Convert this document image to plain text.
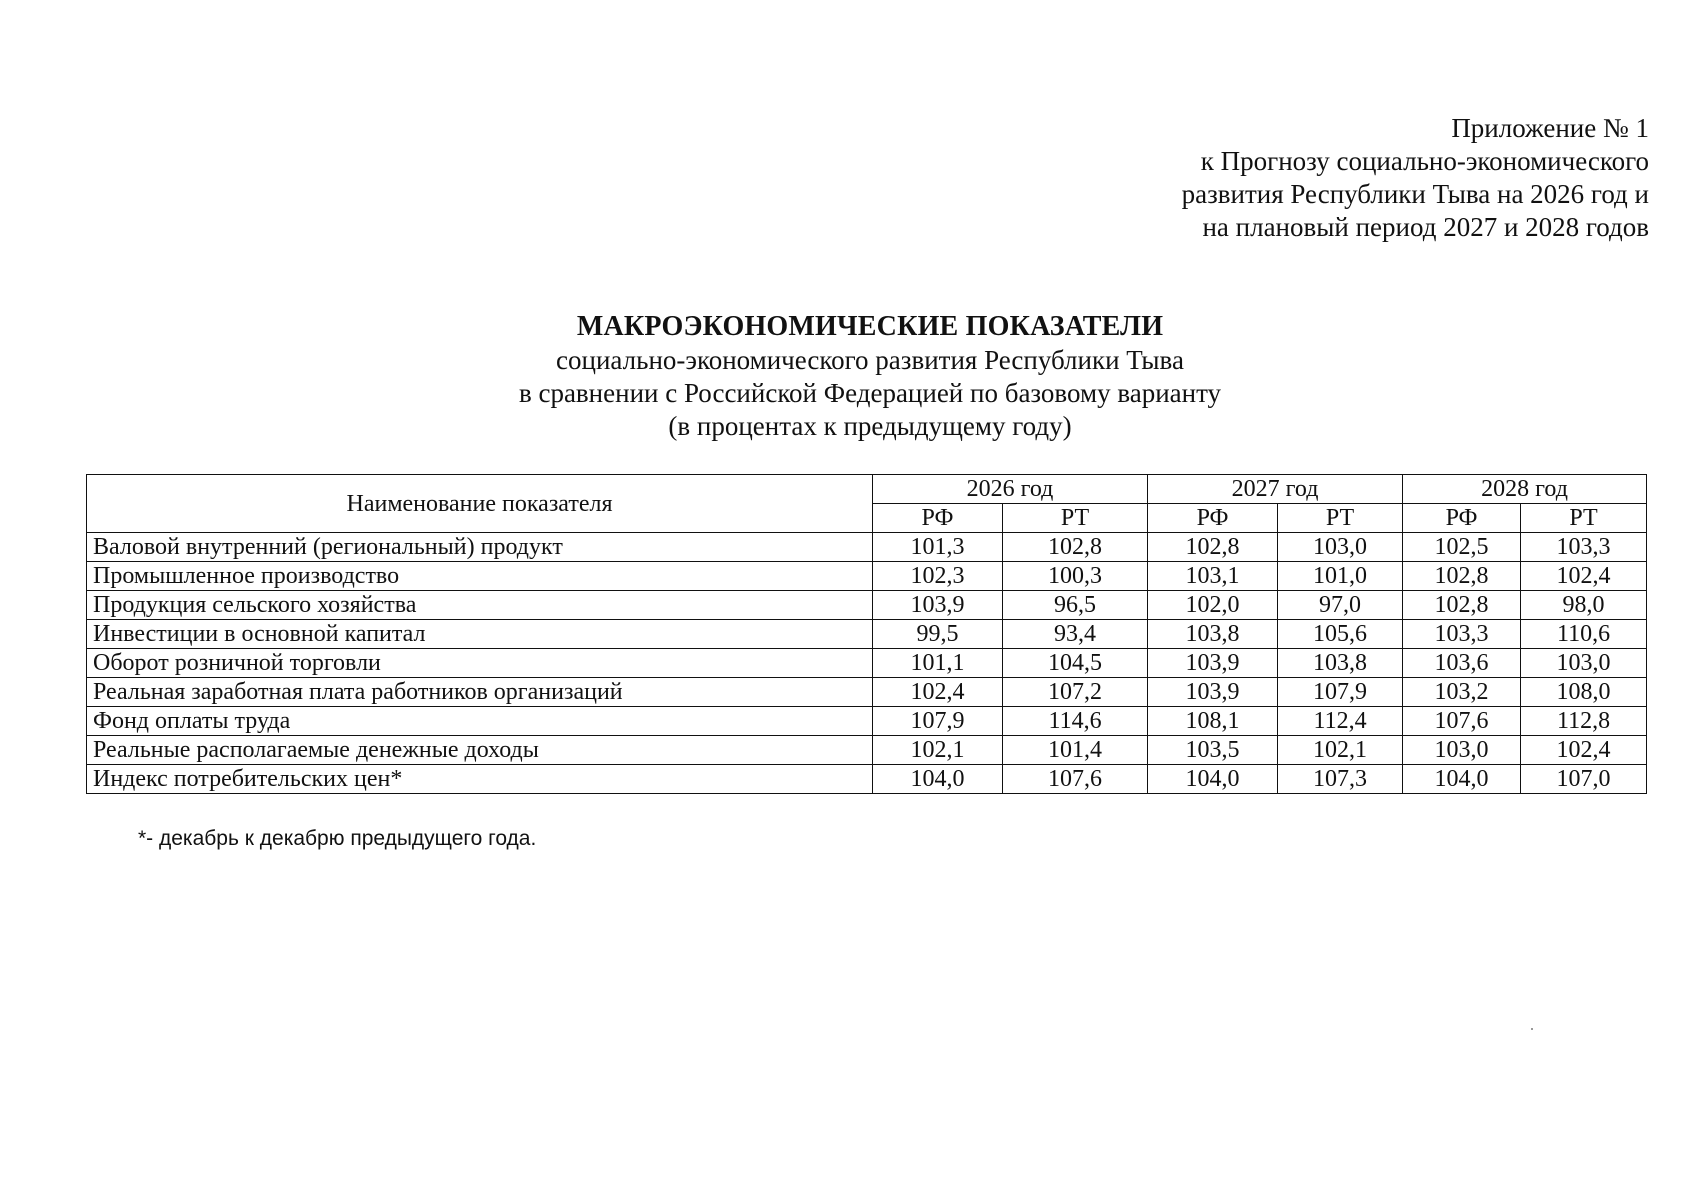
Приложение № 1
к Прогнозу социально-экономического
развития Республики Тыва на 2026 год и
на плановый период 2027 и 2028 годов
МАКРОЭКОНОМИЧЕСКИЕ ПОКАЗАТЕЛИ
социально-экономического развития Республики Тыва
в сравнении с Российской Федерацией по базовому варианту
(в процентах к предыдущему году)
Наименование показателя	2026 год		2027 год		2028 год	
	РФ	РТ	РФ	РТ	РФ	РТ
Валовой внутренний (региональный) продукт	101,3	102,8	102,8	103,0	102,5	103,3
Промышленное производство	102,3	100,3	103,1	101,0	102,8	102,4
Продукция сельского хозяйства	103,9	96,5	102,0	97,0	102,8	98,0
Инвестиции в основной капитал	99,5	93,4	103,8	105,6	103,3	110,6
Оборот розничной торговли	101,1	104,5	103,9	103,8	103,6	103,0
Реальная заработная плата работников организаций	102,4	107,2	103,9	107,9	103,2	108,0
Фонд оплаты труда	107,9	114,6	108,1	112,4	107,6	112,8
Реальные располагаемые денежные доходы	102,1	101,4	103,5	102,1	103,0	102,4
Индекс потребительских цен*	104,0	107,6	104,0	107,3	104,0	107,0
*- декабрь к декабрю предыдущего года.
